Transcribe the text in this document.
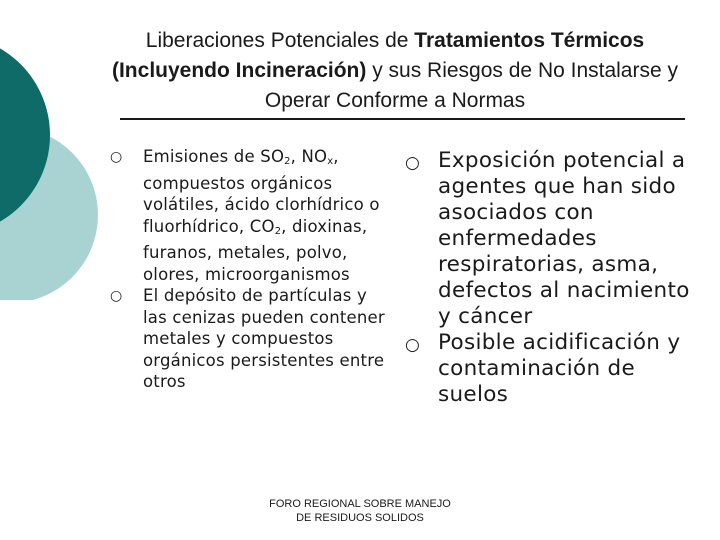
Liberaciones Potenciales de Tratamientos Térmicos (Incluyendo Incineración) y sus Riesgos de No Instalarse y Operar Conforme a Normas
○ Emisiones de $SO_2$, $NO_x$, compuestos orgánicos volátiles, ácido clorhídrico o fluorhídrico, $CO_2$, dioxinas, furanos, metales, polvo, olores, microorganismos
○ El depósito de partículas y las cenizas pueden contener metales y compuestos orgánicos persistentes entre otros
○ Exposición potencial a agentes que han sido asociados con enfermedades respiratorias, asma, defectos al nacimiento y cáncer
○ Posible acidificación y contaminación de suelos
FORO REGIONAL SOBRE MANEJO
DE RESIDUOS SOLIDOS
